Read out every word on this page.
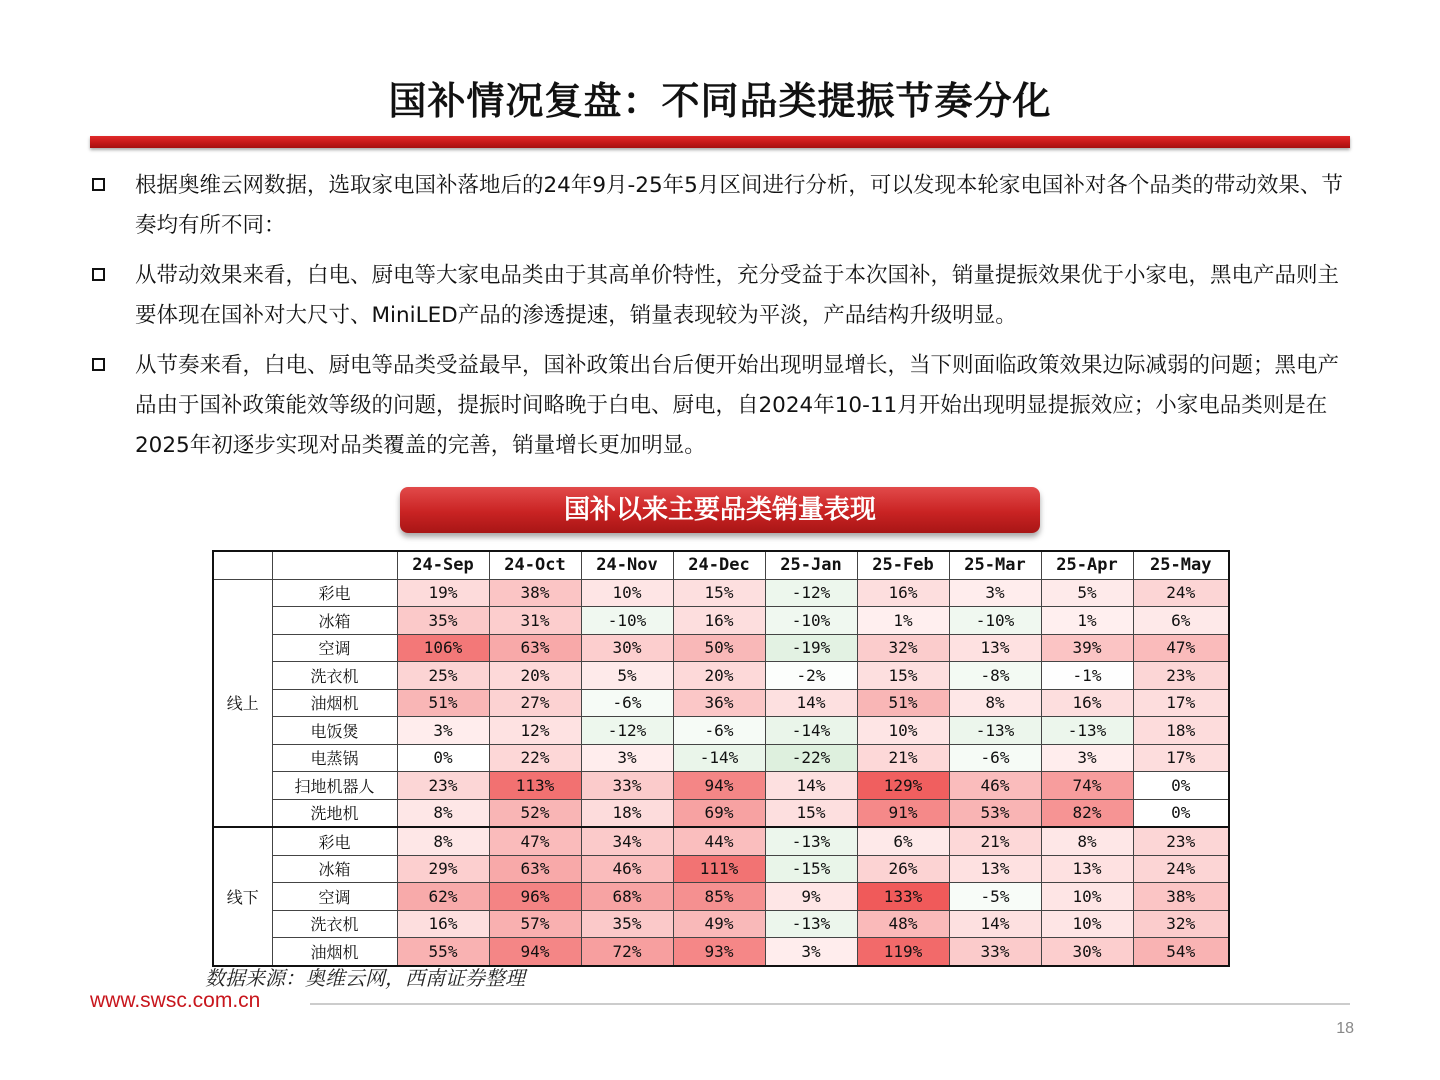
国补情况复盘：不同品类提振节奏分化
根据奥维云网数据，选取家电国补落地后的24年9月-25年5月区间进行分析，可以发现本轮家电国补对各个品类的带动效果、节奏均有所不同：
从带动效果来看，白电、厨电等大家电品类由于其高单价特性，充分受益于本次国补，销量提振效果优于小家电，黑电产品则主要体现在国补对大尺寸、MiniLED产品的渗透提速，销量表现较为平淡，产品结构升级明显。
从节奏来看，白电、厨电等品类受益最早，国补政策出台后便开始出现明显增长，当下则面临政策效果边际减弱的问题；黑电产品由于国补政策能效等级的问题，提振时间略晚于白电、厨电，自2024年10-11月开始出现明显提振效应；小家电品类则是在2025年初逐步实现对品类覆盖的完善，销量增长更加明显。
国补以来主要品类销量表现
		24-Sep	24-Oct	24-Nov	24-Dec	25-Jan	25-Feb	25-Mar	25-Apr	25-May
线上	彩电	19%	38%	10%	15%	-12%	16%	3%	5%	24%
	冰箱	35%	31%	-10%	16%	-10%	1%	-10%	1%	6%
	空调	106%	63%	30%	50%	-19%	32%	13%	39%	47%
	洗衣机	25%	20%	5%	20%	-2%	15%	-8%	-1%	23%
	油烟机	51%	27%	-6%	36%	14%	51%	8%	16%	17%
	电饭煲	3%	12%	-12%	-6%	-14%	10%	-13%	-13%	18%
	电蒸锅	0%	22%	3%	-14%	-22%	21%	-6%	3%	17%
	扫地机器人	23%	113%	33%	94%	14%	129%	46%	74%	0%
	洗地机	8%	52%	18%	69%	15%	91%	53%	82%	0%
线下	彩电	8%	47%	34%	44%	-13%	6%	21%	8%	23%
	冰箱	29%	63%	46%	111%	-15%	26%	13%	13%	24%
	空调	62%	96%	68%	85%	9%	133%	-5%	10%	38%
	洗衣机	16%	57%	35%	49%	-13%	48%	14%	10%	32%
	油烟机	55%	94%	72%	93%	3%	119%	33%	30%	54%
数据来源：奥维云网，西南证券整理
www.swsc.com.cn
18
